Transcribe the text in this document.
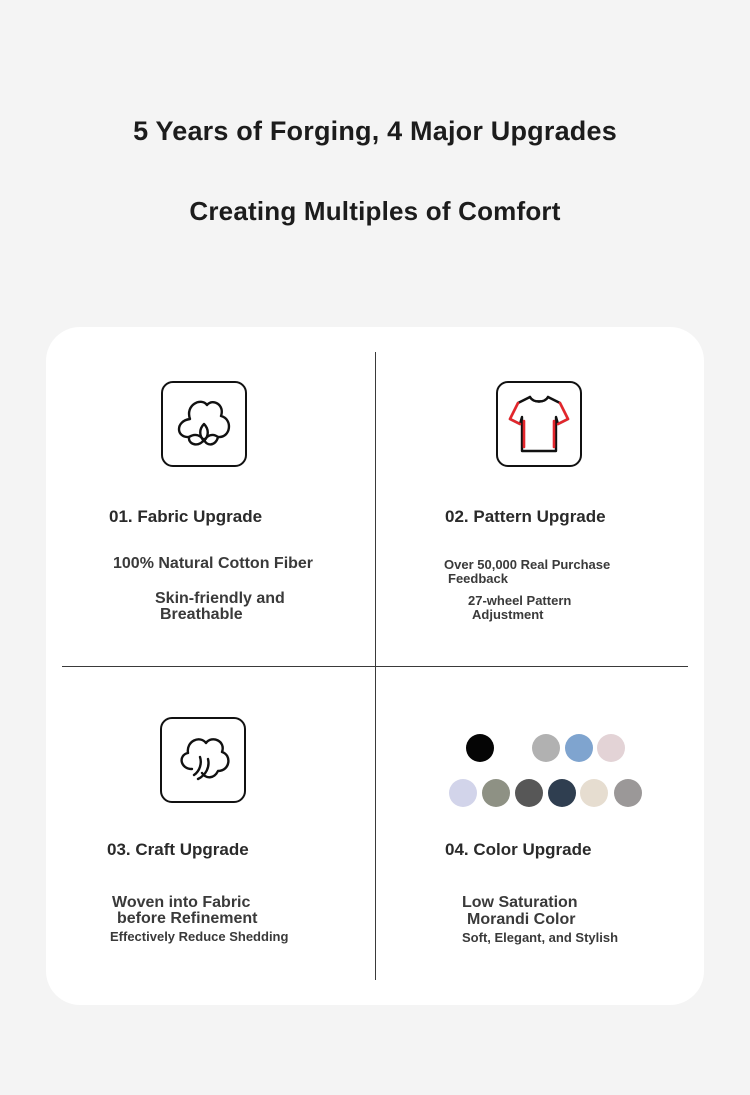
5 Years of Forging, 4 Major Upgrades
Creating Multiples of Comfort
01. Fabric Upgrade
100% Natural Cotton Fiber
Skin-friendly and
Breathable
02. Pattern Upgrade
Over 50,000 Real Purchase
Feedback
27-wheel Pattern
Adjustment
03. Craft Upgrade
Woven into Fabric
before Refinement
Effectively Reduce Shedding
04. Color Upgrade
Low Saturation
Morandi Color
Soft, Elegant, and Stylish
